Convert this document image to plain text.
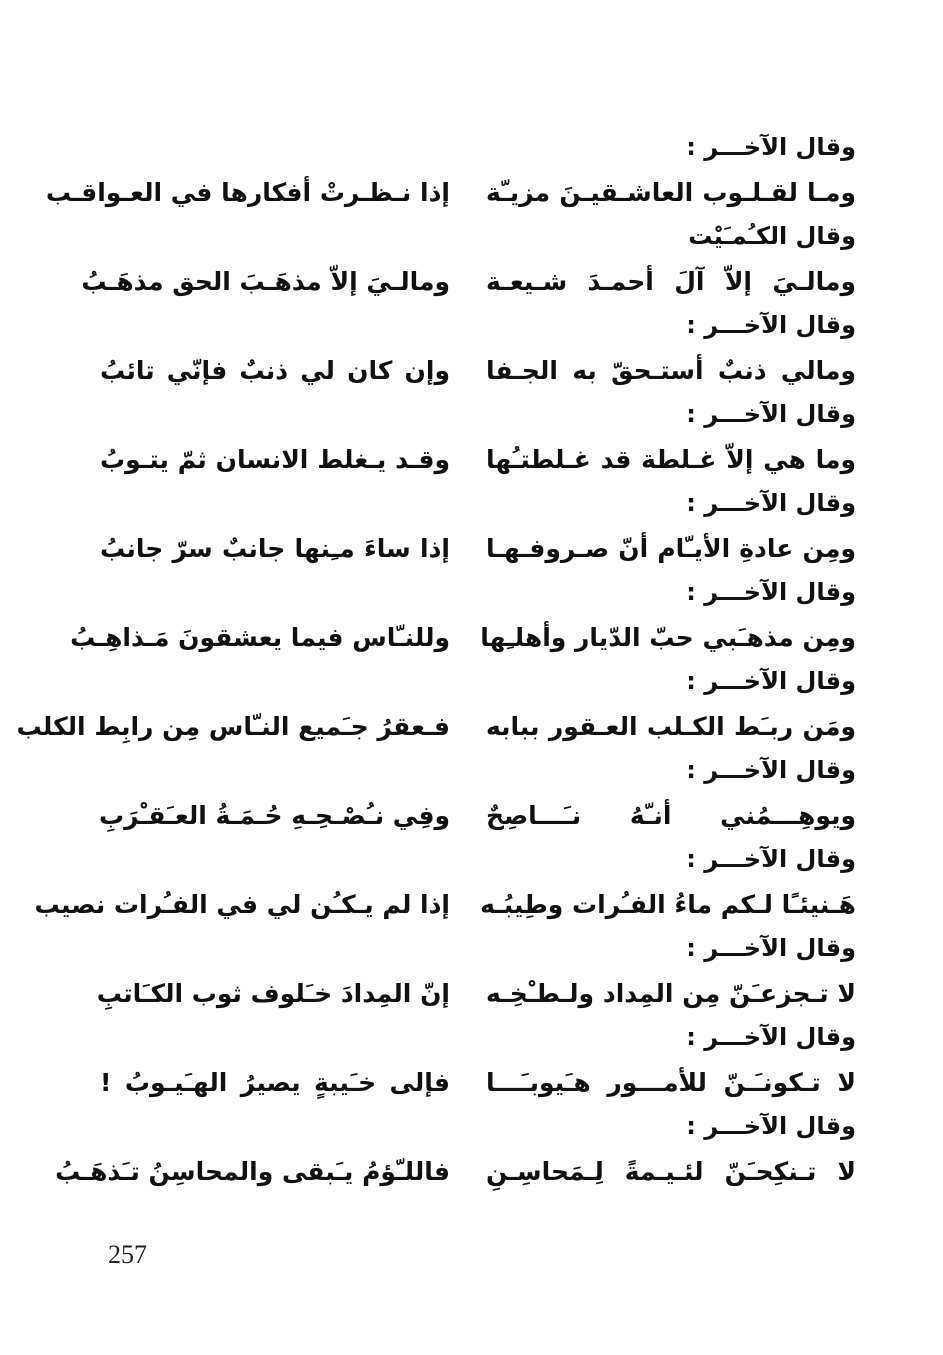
وقال الآخـــر :
ومـا لقـلـوب العاشـقيـنَ مزيـّة
إذا نـظـرتْ أفكارها في العـواقـب
وقال الكـُمـَيْت
ومالـيَ إلاّ آلَ أحمـدَ شـيعـة
ومالـيَ إلاّ مذهَـبَ الحق مذهَـبُ
وقال الآخـــر :
ومالي ذنبٌ أستـحقّ به الجـفا
وإن كان لي ذنبٌ فإنّي تائبُ
وقال الآخـــر :
وما هي إلاّ غـلطة قد غـلطتـُها
وقـد يـغلط الانسان ثمّ يتـوبُ
وقال الآخـــر :
ومِن عادةِ الأيـّام أنّ صـروفـهـا
إذا ساءَ مـِنها جانبٌ سرّ جانبُ
وقال الآخـــر :
ومِن مذهـَبي حبّ الدّيار وأهلـِها
وللنـّاس فيما يعشقونَ مَـذاهِـبُ
وقال الآخـــر :
ومَن ربـَط الكـلب العـقور ببابه
فـعقرُ جـَميع النـّاس مِن رابِط الكلب
وقال الآخـــر :
ويوهِـــمُني أنـّهُ نـَـــاصِحٌ
وفِي نـُصْـحِـهِ حُـمَـةُ العـَقـْرَبِ
وقال الآخـــر :
هَـنيئـًا لـكم ماءُ الفـُرات وطِيبُـه
إذا لم يـكـُن لي في الفـُرات نصيب
وقال الآخـــر :
لا تـجزعـَنّ مِن المِداد ولـطـْخِـه
إنّ المِدادَ خـَلوف ثوب الكـَاتبِ
وقال الآخـــر :
لا تـكونـَـنّ للأمـــور هـَيوبـَـــا
فإلى خـَيبةٍ يصيرُ الهـَيـوبُ !
وقال الآخـــر :
لا تـنكِحـَنّ لئـيـمةً لِـمَحاسِـنِ
فاللـّؤمُ يـَبقى والمحاسِنُ تـَذهَـبُ
257
